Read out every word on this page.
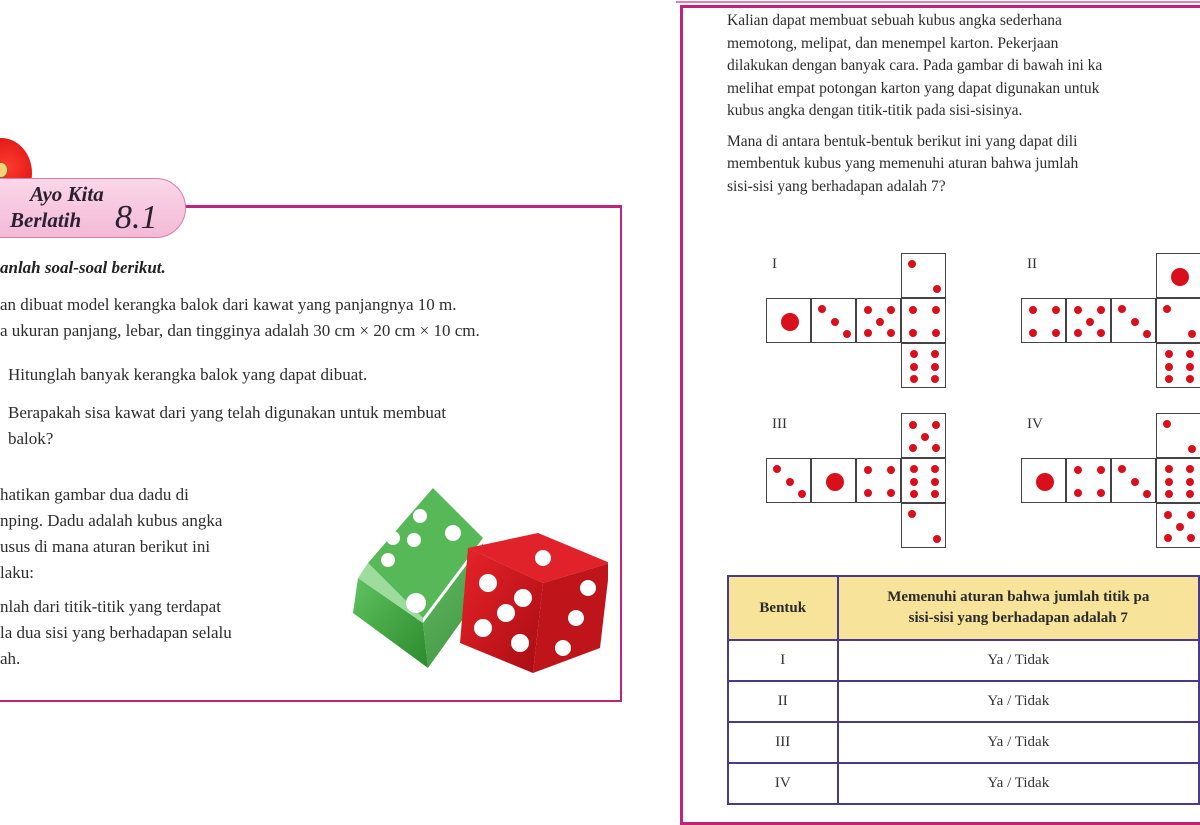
Ayo Kita
Berlatih 8.1
anlah soal-soal berikut.
an dibuat model kerangka balok dari kawat yang panjangnya 10 m.
a ukuran panjang, lebar, dan tingginya adalah 30 cm × 20 cm × 10 cm.
Hitunglah banyak kerangka balok yang dapat dibuat.
Berapakah sisa kawat dari yang telah digunakan untuk membuat
balok?

hatikan gambar dua dadu di
nping. Dadu adalah kubus angka
usus di mana aturan berikut ini
laku:

nlah dari titik-titik yang terdapat
la dua sisi yang berhadapan selalu
ah.

Kalian dapat membuat sebuah kubus angka sederhana
memotong, melipat, dan menempel karton. Pekerjaan
dilakukan dengan banyak cara. Pada gambar di bawah ini ka
melihat empat potongan karton yang dapat digunakan untuk
kubus angka dengan titik-titik pada sisi-sisinya.

Mana di antara bentuk-bentuk berikut ini yang dapat dili
membentuk kubus yang memenuhi aturan bahwa jumlah
sisi-sisi yang berhadapan adalah 7?

I	II
III	IV
Bentuk	Memenuhi aturan bahwa jumlah titik pa
sisi-sisi yang berhadapan adalah 7
I	Ya / Tidak
II	Ya / Tidak
III	Ya / Tidak
IV	Ya / Tidak
